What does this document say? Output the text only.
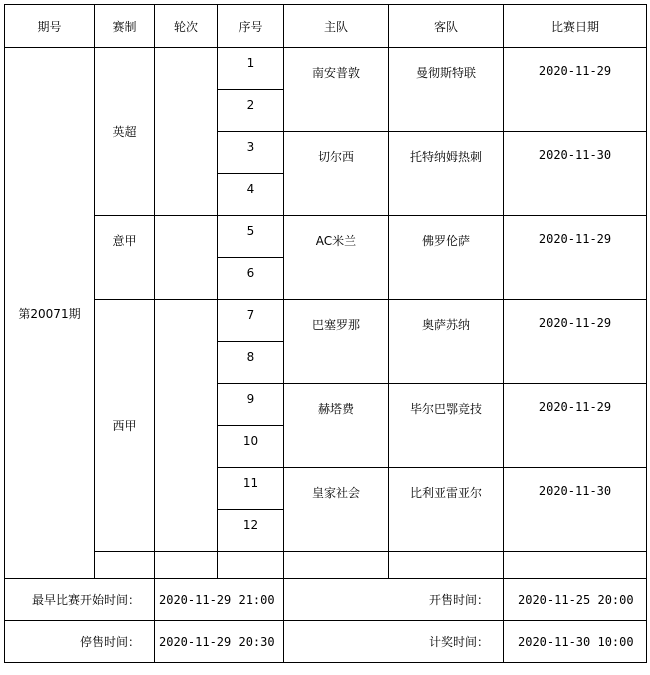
期号	赛制	轮次	序号	主队	客队	比赛日期
第20071期	英超		1	南安普敦	曼彻斯特联	2020-11-29
			2			
			3	切尔西	托特纳姆热刺	2020-11-30
			4			
	意甲		5	AC米兰	佛罗伦萨	2020-11-29
			6			
	西甲		7	巴塞罗那	奥萨苏纳	2020-11-29
			8			
			9	赫塔费	毕尔巴鄂竞技	2020-11-29
			10			
			11	皇家社会	比利亚雷亚尔	2020-11-30
			12			

最早比赛开始时间：		2020-11-29 21:00		开售时间：		2020-11-25 20:00
停售时间：		2020-11-29 20:30		计奖时间：		2020-11-30 10:00
